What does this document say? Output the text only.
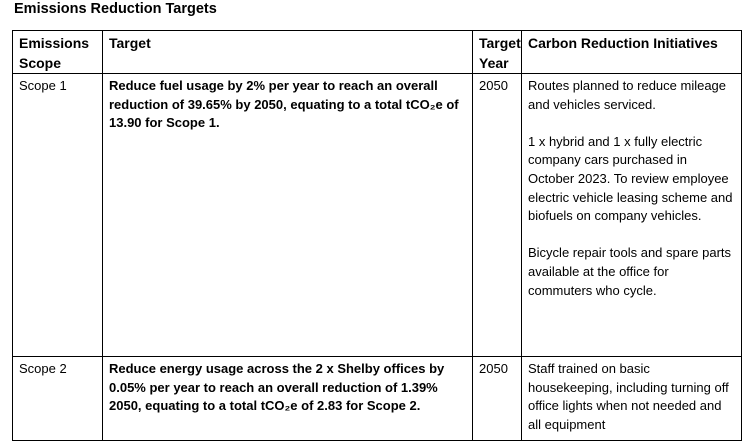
Emissions Reduction Targets
Emissions Scope	Target	Target Year	Carbon Reduction Initiatives
Scope 1	Reduce fuel usage by 2% per year to reach an overall reduction of 39.65% by 2050, equating to a total tCO₂e of 13.90 for Scope 1.	2050	Routes planned to reduce mileage and vehicles serviced.
1 x hybrid and 1 x fully electric company cars purchased in October 2023. To review employee electric vehicle leasing scheme and biofuels on company vehicles.
Bicycle repair tools and spare parts available at the office for commuters who cycle.

Scope 2	Reduce energy usage across the 2 x Shelby offices by 0.05% per year to reach an overall reduction of 1.39% 2050, equating to a total tCO₂e of 2.83 for Scope 2.	2050	Staff trained on basic housekeeping, including turning off office lights when not needed and all equipment
